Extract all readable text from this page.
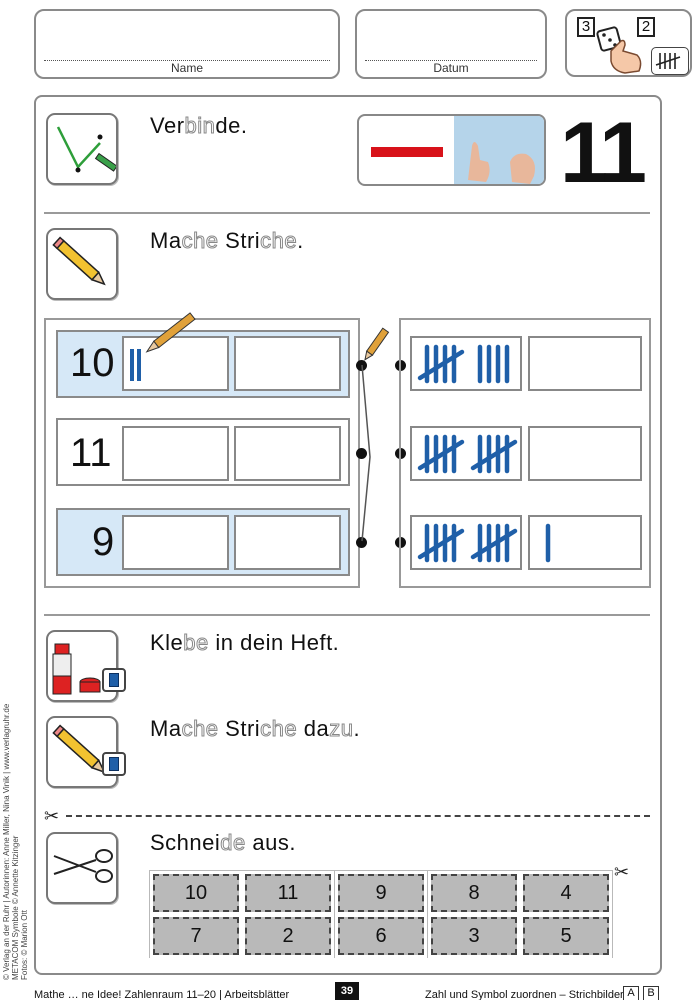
Name	Datum
3	2
Verbinde.	11
Mache Striche.
10
11
9
Klebe in dein Heft.
Mache Striche dazu.
✂
Schneide aus.
10	11	9	8	4
7	2	6	3	5
✂
Mathe … ne Idee! Zahlenraum 11–20 | Arbeitsblätter	39	Zahl und Symbol zuordnen – Strichbilder A	B
© Verlag an der Ruhr | Autorinnen: Anne Miller, Nina Vinik | www.verlagruhr.de METACOM Symbole © Annette Kitzinger Fotos: © Marion Ott
